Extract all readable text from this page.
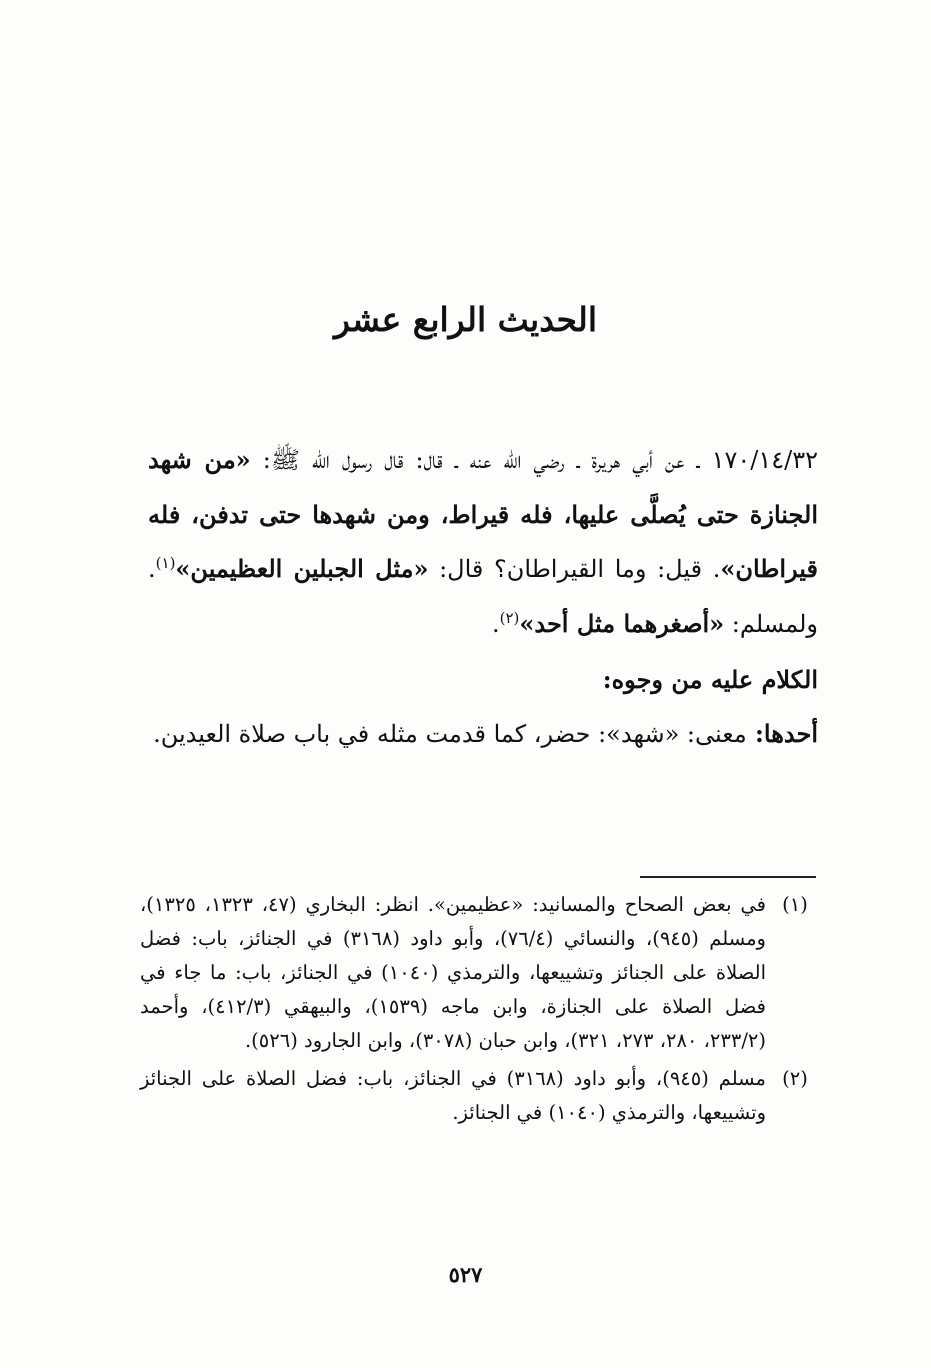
الحديث الرابع عشر

١٧٠/١٤/٣٢ ـ عن أبي هريرة ـ رضي الله عنه ـ قال: قال رسول الله ﷺ: «من شهد الجنازة حتى يُصلَّى عليها، فله قيراط، ومن شهدها حتى تدفن، فله قيراطان». قيل: وما القيراطان؟ قال: «مثل الجبلين العظيمين»$^{(١)}$. ولمسلم: «أصغرهما مثل أحد»$^{(٢)}$.

الكلام عليه من وجوه:

أحدها: معنى: «شهد»: حضر، كما قدمت مثله في باب صلاة العيدين.

(١)
في بعض الصحاح والمسانيد: «عظيمين». انظر: البخاري (٤٧، ١٣٢٣، ١٣٢٥)، ومسلم (٩٤٥)، والنسائي (٧٦/٤)، وأبو داود (٣١٦٨) في الجنائز، باب: فضل الصلاة على الجنائز وتشييعها، والترمذي (١٠٤٠) في الجنائز، باب: ما جاء في فضل الصلاة على الجنازة، وابن ماجه (١٥٣٩)، والبيهقي (٤١٢/٣)، وأحمد (٢٣٣/٢، ٢٨٠، ٢٧٣، ٣٢١)، وابن حبان (٣٠٧٨)، وابن الجارود (٥٢٦).
(٢)
مسلم (٩٤٥)، وأبو داود (٣١٦٨) في الجنائز، باب: فضل الصلاة على الجنائز وتشييعها، والترمذي (١٠٤٠) في الجنائز.
٥٢٧
